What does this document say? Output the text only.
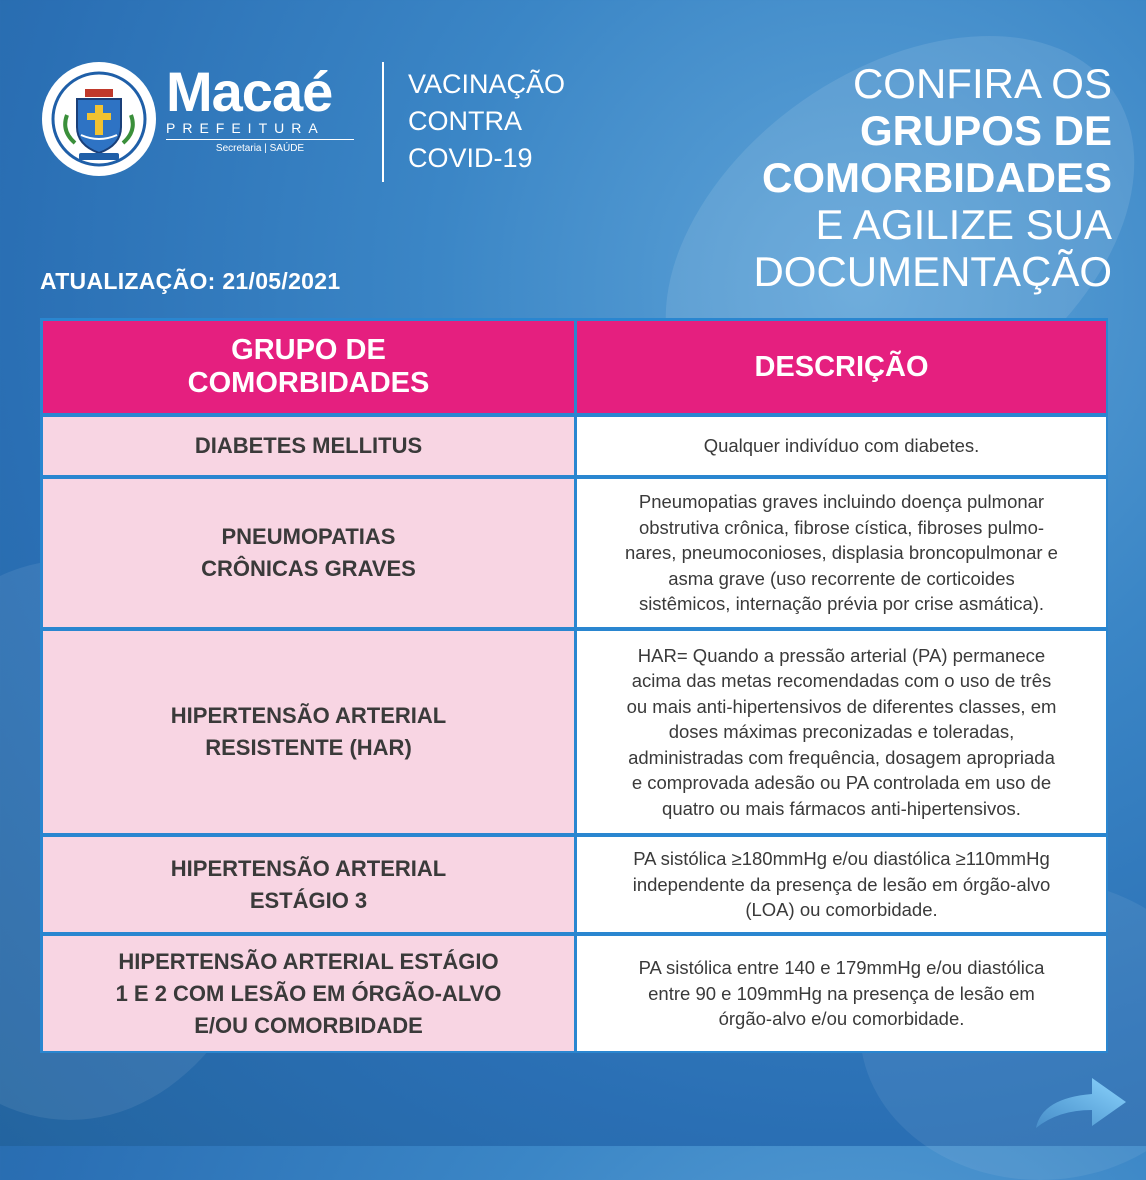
Macaé
PREFEITURA
Secretaria | SAÚDE
VACINAÇÃO
CONTRA
COVID-19
CONFIRA OS
GRUPOS DE
COMORBIDADES
E AGILIZE SUA
DOCUMENTAÇÃO
ATUALIZAÇÃO: 21/05/2021
GRUPO DE
COMORBIDADES
DESCRIÇÃO
DIABETES MELLITUS	Qualquer indivíduo com diabetes.
PNEUMOPATIAS
CRÔNICAS GRAVES
Pneumopatias graves incluindo doença pulmonar
obstrutiva crônica, fibrose cística, fibroses pulmo-
nares, pneumoconioses, displasia broncopulmonar e
asma grave (uso recorrente de corticoides
sistêmicos, internação prévia por crise asmática).
HIPERTENSÃO ARTERIAL
RESISTENTE (HAR)
HAR= Quando a pressão arterial (PA) permanece
acima das metas recomendadas com o uso de três
ou mais anti-hipertensivos de diferentes classes, em
doses máximas preconizadas e toleradas,
administradas com frequência, dosagem apropriada
e comprovada adesão ou PA controlada em uso de
quatro ou mais fármacos anti-hipertensivos.
HIPERTENSÃO ARTERIAL
ESTÁGIO 3
PA sistólica ≥180mmHg e/ou diastólica ≥110mmHg
independente da presença de lesão em órgão-alvo
(LOA) ou comorbidade.
HIPERTENSÃO ARTERIAL ESTÁGIO
1 E 2 COM LESÃO EM ÓRGÃO-ALVO
E/OU COMORBIDADE
PA sistólica entre 140 e 179mmHg e/ou diastólica
entre 90 e 109mmHg na presença de lesão em
órgão-alvo e/ou comorbidade.
